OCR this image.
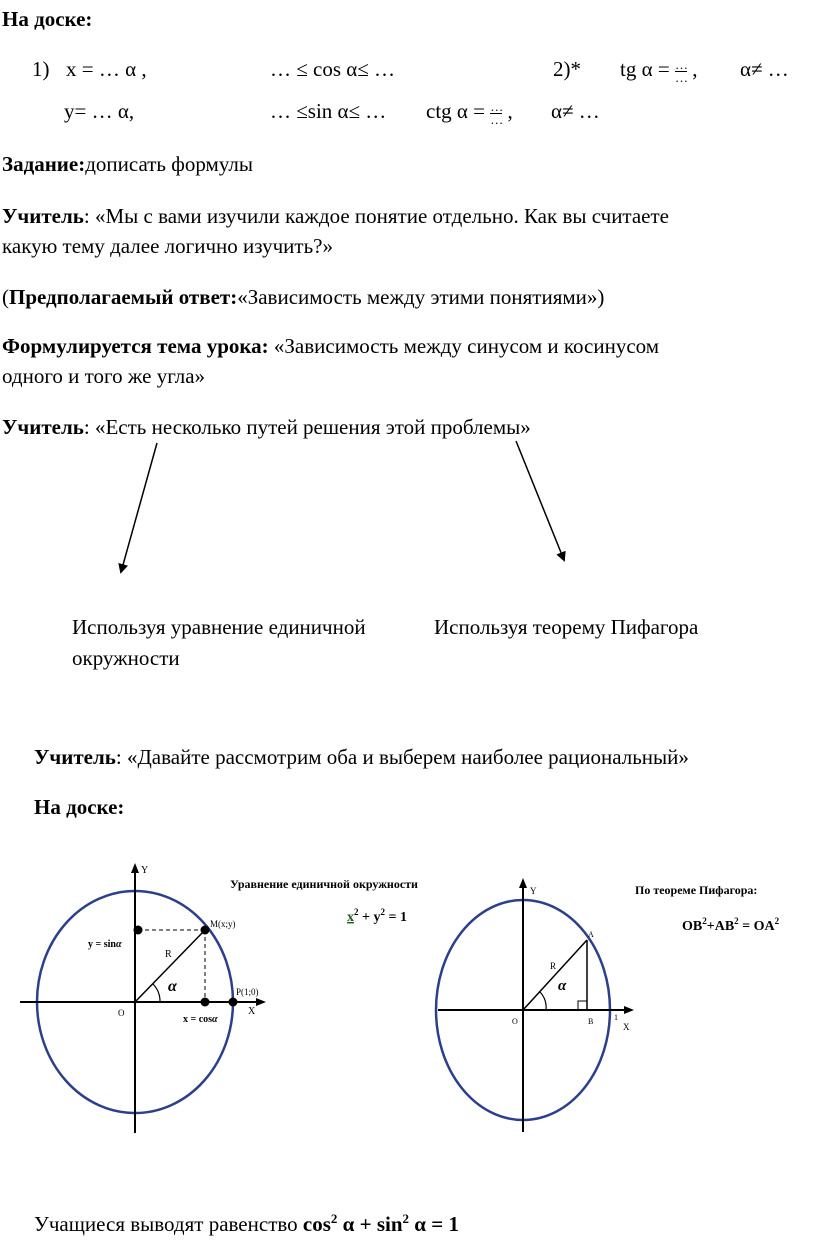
На доске:
1) x = … α ,	… ≤ cos α≤ …	2)* tg $\alpha = \frac{\dots}{\dots}$ , α≠ …
y= … α,	… ≤sin α≤ … ctg $\alpha = \frac{\dots}{\dots}$ , α≠ …
Задание:дописать формулы
Учитель: «Мы с вами изучили каждое понятие отдельно. Как вы считаете
какую тему далее логично изучить?»
(Предполагаемый ответ:«Зависимость между этими понятиями»)
Формулируется тема урока: «Зависимость между синусом и косинусом
одного и того же угла»
Учитель: «Есть несколько путей решения этой проблемы»
Используя уравнение единичной
окружности
Используя теорему Пифагора
Учитель: «Давайте рассмотрим оба и выберем наиболее рациональный»
На доске:
Y
X
O
M(x;y)
P(1;0)
R
α
y = sinα
x = cosα
Уравнение единичной окружности
$x^2 + y^2 = 1$
Y
X
O
A
B	1
R
α
По теореме Пифагора:
$OB^2+AB^2 = OA^2$
Учащиеся выводят равенство $\cos^2 \alpha + \sin^2 \alpha = 1$
